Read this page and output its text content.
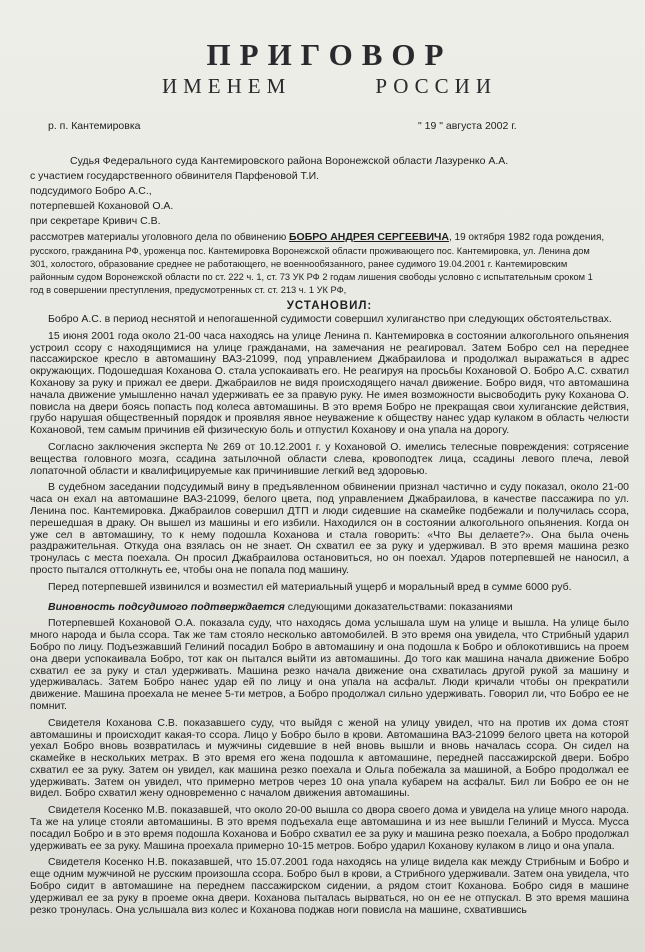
ПРИГОВОР
ИМЕНЕМ	РОССИИ
р. п. Кантемировка	" 19 " августа 2002 г.

Судья Федерального суда Кантемировского района Воронежской области Лазуренко А.А.

с участием государственного обвинителя Парфеновой Т.И.

подсудимого Бобро А.С.,

потерпевшей Кохановой О.А.

при секретаре Кривич С.В.

рассмотрев материалы уголовного дела по обвинению БОБРО АНДРЕЯ СЕРГЕЕВИЧА, 19 октября 1982 года рождения,

русского, гражданина РФ, уроженца пос. Кантемировка Воронежской области проживающего пос. Кантемировка, ул. Ленина дом

301, холостого, образование среднее не работающего, не военнообязанного, ранее судимого 19.04.2001 г. Кантемировским

районным судом Воронежской области по ст. 222 ч. 1, ст. 73 УК РФ 2 годам лишения свободы условно с испытательным сроком 1

год в совершении преступления, предусмотренных ст. ст. 213 ч. 1 УК РФ,

УСТАНОВИЛ:

Бобро А.С. в период неснятой и непогашенной судимости совершил хулиганство при следующих обстоятельствах.

15 июня 2001 года около 21-00 часа находясь на улице Ленина п. Кантемировка в состоянии алкогольного опьянения устроил ссору с находящимися на улице гражданами, на замечания не реагировал. Затем Бобро сел на переднее пассажирское кресло в автомашину ВАЗ-21099, под управлением Джабраилова и продолжал выражаться в адрес окружающих. Подошедшая Коханова О. стала успокаивать его. Не реагируя на просьбы Кохановой О. Бобро А.С. схватил Коханову за руку и прижал ее двери. Джабраилов не видя происходящего начал движение. Бобро видя, что автомашина начала движение умышленно начал удерживать ее за правую руку. Не имея возможности высвободить руку Коханова О. повисла на двери боясь попасть под колеса автомашины. В это время Бобро не прекращая свои хулиганские действия, грубо нарушая общественный порядок и проявляя явное неуважение к обществу нанес удар кулаком в область челюсти Кохановой, тем самым причинив ей физическую боль и отпустил Коханову и она упала на дорогу.

Согласно заключения эксперта № 269 от 10.12.2001 г. у Кохановой О. имелись телесные повреждения: сотрясение вещества головного мозга, ссадина затылочной области слева, кровоподтек лица, ссадины левого плеча, левой лопаточной области и квалифицируемые как причинившие легкий вед здоровью.

В судебном заседании подсудимый вину в предъявленном обвинении признал частично и суду показал, около 21-00 часа он ехал на автомашине ВАЗ-21099, белого цвета, под управлением Джабраилова, в качестве пассажира по ул. Ленина пос. Кантемировка. Джабраилов совершил ДТП и люди сидевшие на скамейке подбежали и получилась ссора, перешедшая в драку. Он вышел из машины и его избили. Находился он в состоянии алкогольного опьянения. Когда он уже сел в автомашину, то к нему подошла Коханова и стала говорить: «Что Вы делаете?». Она была очень раздражительная. Откуда она взялась он не знает. Он схватил ее за руку и удерживал. В это время машина резко тронулась с места поехала. Он просил Джабраилова остановиться, но он поехал. Ударов потерпевшей не наносил, а просто пытался оттолкнуть ее, чтобы она не попала под машину.

Перед потерпевшей извинился и возместил ей материальный ущерб и моральный вред в сумме 6000 руб.

Виновность подсудимого подтверждается следующими доказательствами: показаниями

Потерпевшей Кохановой О.А. показала суду, что находясь дома услышала шум на улице и вышла. На улице было много народа и была ссора. Так же там стояло несколько автомобилей. В это время она увидела, что Стрибный ударил Бобро по лицу. Подъезжавший Гелиний посадил Бобро в автомашину и она подошла к Бобро и облокотившись на проем она двери успокаивала Бобро, тот как он пытался выйти из автомашины. До того как машина начала движение Бобро схватил ее за руку и стал удерживать. Машина резко начала движение она схватилась другой рукой за машину и удерживалась. Затем Бобро нанес удар ей по лицу и она упала на асфальт. Люди кричали чтобы он прекратили движение. Машина проехала не менее 5-ти метров, а Бобро продолжал сильно удерживать. Говорил ли, что Бобро ее не помнит.

Свидетеля Коханова С.В. показавшего суду, что выйдя с женой на улицу увидел, что на против их дома стоят автомашины и происходит какая-то ссора. Лицо у Бобро было в крови. Автомашина ВАЗ-21099 белого цвета на которой уехал Бобро вновь возвратилась и мужчины сидевшие в ней вновь вышли и вновь началась ссора. Он сидел на скамейке в нескольких метрах. В это время его жена подошла к автомашине, передней пассажирской двери. Бобро схватил ее за руку. Затем он увидел, как машина резко поехала и Ольга побежала за машиной, а Бобро продолжал ее удерживать. Затем он увидел, что примерно метров через 10 она упала кубарем на асфальт. Бил ли Бобро ее он не видел. Бобро схватил жену одновременно с началом движения автомашины.

Свидетеля Косенко М.В. показавшей, что около 20-00 вышла со двора своего дома и увидела на улице много народа. Та же на улице стояли автомашины. В это время подъехала еще автомашина и из нее вышли Гелиний и Мусса. Мусса посадил Бобро и в это время подошла Коханова и Бобро схватил ее за руку и машина резко поехала, а Бобро продолжал удерживать ее за руку. Машина проехала примерно 10-15 метров. Бобро ударил Коханову кулаком в лицо и она упала.

Свидетеля Косенко Н.В. показавшей, что 15.07.2001 года находясь на улице видела как между Стрибным и Бобро и еще одним мужчиной не русским произошла ссора. Бобро был в крови, а Стрибного удерживали. Затем она увидела, что Бобро сидит в автомашине на переднем пассажирском сидении, а рядом стоит Коханова. Бобро сидя в машине удерживал ее за руку в проеме окна двери. Коханова пыталась вырваться, но он ее не отпускал. В это время машина резко тронулась. Она услышала виз колес и Коханова поджав ноги повисла на машине, схватившись
